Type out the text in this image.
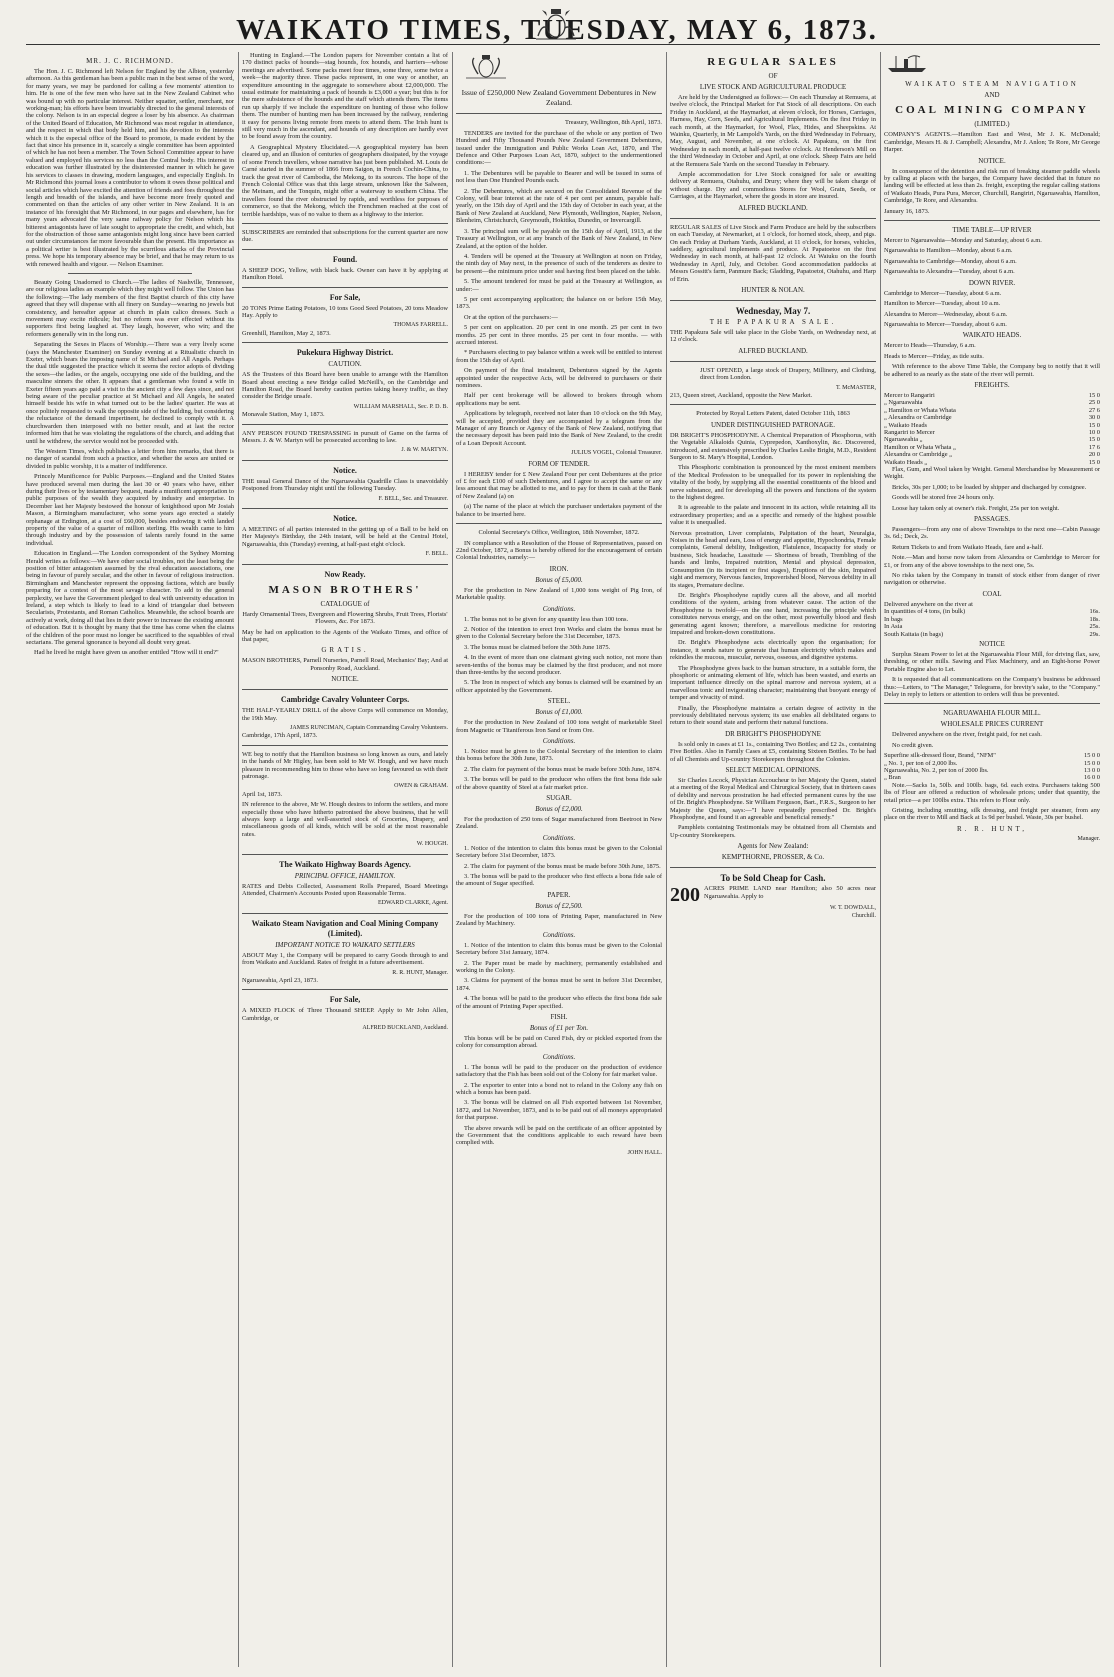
WAIKATO TIMES, TUESDAY, MAY 6, 1873.
MR. J. C. RICHMOND.

The Hon. J. C. Richmond left Nelson for England by the Albion, yesterday afternoon. As this gentleman has been a public man in the best sense of the word, for many years, we may be pardoned for calling a few moments' attention to him. He is one of the few men who have sat in the New Zealand Cabinet who was bound up with no particular interest. Neither squatter, settler, merchant, nor working-man; his efforts have been invariably directed to the general interests of the colony. Nelson is in an especial degree a loser by his absence. As chairman of the United Board of Education, Mr Richmond was most regular in attendance, and the respect in which that body held him, and his devotion to the interests which it is the especial office of the Board to promote, is made evident by the fact that since his presence in it, scarcely a single committee has been appointed of which he has not been a member. The Town School Committee appear to have valued and employed his services no less than the Central body. His interest in education was further illustrated by the disinterested manner in which he gave his services to classes in drawing, modern languages, and especially English. In Mr Richmond this journal loses a contributor to whom it owes those political and social articles which have excited the attention of friends and foes throughout the length and breadth of the islands, and have become more freely quoted and commented on than the articles of any other writer in New Zealand. It is an instance of his foresight that Mr Richmond, in our pages and elsewhere, has for many years advocated the very same railway policy for Nelson which his bitterest antagonists have of late sought to appropriate the credit, and which, but for the obstruction of those same antagonists might long since have been carried out under circumstances far more favourable than the present. His importance as a political writer is best illustrated by the scurrilous attacks of the Provincial press. We hope his temporary absence may be brief, and that he may return to us with renewed health and vigour. — Nelson Examiner.

Beauty Going Unadorned to Church.—The ladies of Nashville, Tennessee, are our religious ladies an example which they might well follow. The Union has the following:—The lady members of the first Baptist church of this city have agreed that they will dispense with all finery on Sunday—wearing no jewels but consistency, and hereafter appear at church in plain calico dresses. Such a movement may excite ridicule; but no reform was ever effected without its supporters first being laughed at. They laugh, however, who win; and the reformers generally win in the long run.

Separating the Sexes in Places of Worship.—There was a very lively scene (says the Manchester Examiner) on Sunday evening at a Ritualistic church in Exeter, which bears the imposing name of St Michael and All Angels. Perhaps the dual title suggested the practice which it seems the rector adopts of dividing the sexes—the ladies, or the angels, occupying one side of the building, and the masculine sinners the other. It appears that a gentleman who found a wife in Exeter fifteen years ago paid a visit to the ancient city a few days since, and not being aware of the peculiar practice at St Michael and All Angels, he seated himself beside his wife in what turned out to be the ladies' quarter. He was at once politely requested to walk the opposite side of the building, but considering the reluctance of the demand impertinent, he declined to comply with it. A churchwarden then interposed with no better result, and at last the rector informed him that he was violating the regulations of the church, and adding that until he withdrew, the service would not be proceeded with.

The Western Times, which publishes a letter from him remarks, that there is no danger of scandal from such a practice, and whether the sexes are united or divided in public worship, it is a matter of indifference.

Princely Munificence for Public Purposes.—England and the United States have produced several men during the last 30 or 40 years who have, either during their lives or by testamentary bequest, made a munificent appropriation to public purposes of the wealth they acquired by industry and enterprise. In December last her Majesty bestowed the honour of knighthood upon Mr Josiah Mason, a Birmingham manufacturer, who some years ago erected a stately orphanage at Erdington, at a cost of £60,000, besides endowing it with landed property of the value of a quarter of million sterling. His wealth came to him through industry and by the possession of talents rarely found in the same individual.

Education in England.—The London correspondent of the Sydney Morning Herald writes as follows:—We have other social troubles, not the least being the position of bitter antagonism assumed by the rival education associations, one being in favour of purely secular, and the other in favour of religious instruction. Birmingham and Manchester represent the opposing factions, which are busily preparing for a contest of the most savage character. To add to the general perplexity, we have the Government pledged to deal with university education in Ireland, a step which is likely to lead to a kind of triangular duel between Secularists, Protestants, and Roman Catholics. Meanwhile, the school boards are actively at work, doing all that lies in their power to increase the existing amount of education. But it is thought by many that the time has come when the claims of the children of the poor must no longer be sacrificed to the squabbles of rival sectarians. The general ignorance is beyond all doubt very great.

Had he lived he might have given us another entitled "How will it end?"

Hunting in England.—The London papers for November contain a list of 170 distinct packs of hounds—stag hounds, fox hounds, and harriers—whose meetings are advertised. Some packs meet four times, some three, some twice a week—the majority three. These packs represent, in one way or another, an expenditure amounting in the aggregate to somewhere about £2,000,000. The usual estimate for maintaining a pack of hounds is £3,000 a year; but this is for the mere subsistence of the hounds and the staff which attends them. The items run up sharply if we include the expenditure on hunting of those who follow them. The number of hunting men has been increased by the railway, rendering it easy for persons living remote from meets to attend them. The Irish hunt is still very much in the ascendant, and hounds of any description are hardly ever to be found away from the country.

A Geographical Mystery Elucidated.—A geographical mystery has been cleared up, and an illusion of centuries of geographers dissipated, by the voyage of some French travellers, whose narrative has just been published. M. Louis de Carné started in the summer of 1866 from Saigon, in French Cochin-China, to track the great river of Cambodia, the Mekong, to its sources. The hope of the French Colonial Office was that this large stream, unknown like the Salween, the Meinam, and the Tonquin, might offer a waterway to southern China. The travellers found the river obstructed by rapids, and worthless for purposes of commerce, so that the Mekong, which the Frenchmen reached at the cost of terrible hardships, was of no value to them as a highway to the interior.

SUBSCRIBERS are reminded that subscriptions for the current quarter are now due.

Found.

A SHEEP DOG, Yellow, with black back. Owner can have it by applying at Hamilton Hotel.

For Sale,

20 TONS Prime Eating Potatoes, 10 tons Good Seed Potatoes, 20 tons Meadow Hay. Apply to

THOMAS FARRELL.

Greenhill, Hamilton, May 2, 1873.

Pukekura Highway District.
CAUTION.

AS the Trustees of this Board have been unable to arrange with the Hamilton Board about erecting a new Bridge called McNeill's, on the Cambridge and Hamilton Road, the Board hereby caution parties taking heavy traffic, as they consider the Bridge unsafe.

WILLIAM MARSHALL, Sec. P. D. B.

Monavale Station, May 1, 1873.

ANY PERSON FOUND TRESPASSING in pursuit of Game on the farms of Messrs. J. & W. Martyn will be prosecuted according to law.

J. & W. MARTYN.
Notice.

THE usual General Dance of the Ngaruawahia Quadrille Class is unavoidably Postponed from Thursday night until the following Tuesday.

F. BELL, Sec. and Treasurer.
Notice.

A MEETING of all parties interested in the getting up of a Ball to be held on Her Majesty's Birthday, the 24th instant, will be held at the Central Hotel, Ngaruawahia, this (Tuesday) evening, at half-past eight o'clock.

F. BELL.
Now Ready.
MASON BROTHERS'
CATALOGUE of

Hardy Ornamental Trees, Evergreen and Flowering Shrubs, Fruit Trees, Florists' Flowers, &c. For 1873.

May be had on application to the Agents of the Waikato Times, and office of that paper,

GRATIS.

MASON BROTHERS, Parnell Nurseries, Parnell Road, Mechanics' Bay; And at Ponsonby Road, Auckland.

NOTICE.
Cambridge Cavalry Volunteer Corps.

THE HALF-YEARLY DRILL of the above Corps will commence on Monday, the 19th May.

JAMES RUNCIMAN, Captain Commanding Cavalry Volunteers.

Cambridge, 17th April, 1873.

WE beg to notify that the Hamilton business so long known as ours, and lately in the hands of Mr Higley, has been sold to Mr W. Hough, and we have much pleasure in recommending him to those who have so long favoured us with their patronage.

OWEN & GRAHAM.

April 1st, 1873.

IN reference to the above, Mr W. Hough desires to inform the settlers, and more especially those who have hitherto patronised the above business, that he will always keep a large and well-assorted stock of Groceries, Drapery, and miscellaneous goods of all kinds, which will be sold at the most reasonable rates.

W. HOUGH.
The Waikato Highway Boards Agency.
PRINCIPAL OFFICE, HAMILTON.

RATES and Debts Collected, Assessment Rolls Prepared, Board Meetings Attended, Chairmen's Accounts Posted upon Reasonable Terms.

EDWARD CLARKE, Agent.
Waikato Steam Navigation and Coal Mining Company (Limited).
IMPORTANT NOTICE TO WAIKATO SETTLERS

ABOUT May 1, the Company will be prepared to carry Goods through to and from Waikato and Auckland. Rates of freight in a future advertisement.

R. R. HUNT, Manager.

Ngaruawahia, April 23, 1873.

For Sale,

A MIXED FLOCK of Three Thousand SHEEP. Apply to Mr John Allen, Cambridge, or

ALFRED BUCKLAND, Auckland.
Issue of £250,000 New Zealand Government Debentures in New Zealand.

Treasury, Wellington, 8th April, 1873.

TENDERS are invited for the purchase of the whole or any portion of Two Hundred and Fifty Thousand Pounds New Zealand Government Debentures, issued under the Immigration and Public Works Loan Act, 1870, and The Defence and Other Purposes Loan Act, 1870, subject to the undermentioned conditions:—

1. The Debentures will be payable to Bearer and will be issued in sums of not less than One Hundred Pounds each.

2. The Debentures, which are secured on the Consolidated Revenue of the Colony, will bear interest at the rate of 4 per cent per annum, payable half-yearly, on the 15th day of April and the 15th day of October in each year, at the Bank of New Zealand at Auckland, New Plymouth, Wellington, Napier, Nelson, Blenheim, Christchurch, Greymouth, Hokitika, Dunedin, or Invercargill.

3. The principal sum will be payable on the 15th day of April, 1913, at the Treasury at Wellington, or at any branch of the Bank of New Zealand, in New Zealand, at the option of the holder.

4. Tenders will be opened at the Treasury at Wellington at noon on Friday, the ninth day of May next, in the presence of such of the tenderers as desire to be present—the minimum price under seal having first been placed on the table.

5. The amount tendered for must be paid at the Treasury at Wellington, as under:—

5 per cent accompanying application; the balance on or before 15th May, 1873.

Or at the option of the purchasers:—

5 per cent on application. 20 per cent in one month. 25 per cent in two months. 25 per cent in three months. 25 per cent in four months. — with accrued interest.

* Purchasers electing to pay balance within a week will be entitled to interest from the 15th day of April.

On payment of the final instalment, Debentures signed by the Agents appointed under the respective Acts, will be delivered to purchasers or their nominees.

Half per cent brokerage will be allowed to brokers through whom applications may be sent.

Applications by telegraph, received not later than 10 o'clock on the 9th May, will be accepted, provided they are accompanied by a telegram from the Manager of any Branch or Agency of the Bank of New Zealand, notifying that the necessary deposit has been paid into the Bank of New Zealand, to the credit of a Loan Deposit Account.

JULIUS VOGEL, Colonial Treasurer.
FORM OF TENDER.

I HEREBY tender for £ New Zealand Four per cent Debentures at the price of £ for each £100 of such Debentures, and I agree to accept the same or any less amount that may be allotted to me, and to pay for them in cash at the Bank of New Zealand (a) on

(a) The name of the place at which the purchaser undertakes payment of the balance to be inserted here.

Colonial Secretary's Office, Wellington, 18th November, 1872.

IN compliance with a Resolution of the House of Representatives, passed on 22nd October, 1872, a Bonus is hereby offered for the encouragement of certain Colonial Industries, namely:—

IRON.
Bonus of £5,000.

For the production in New Zealand of 1,000 tons weight of Pig Iron, of Marketable quality.

Conditions.

1. The bonus not to be given for any quantity less than 100 tons.

2. Notice of the intention to erect Iron Works and claim the bonus must be given to the Colonial Secretary before the 31st December, 1873.

3. The bonus must be claimed before the 30th June 1875.

4. In the event of more than one claimant giving such notice, not more than seven-tenths of the bonus may be claimed by the first producer, and not more than three-tenths by the second producer.

5. The Iron in respect of which any bonus is claimed will be examined by an officer appointed by the Government.

STEEL.
Bonus of £1,000.

For the production in New Zealand of 100 tons weight of marketable Steel from Magnetic or Titaniferous Iron Sand or from Ore.

Conditions.

1. Notice must be given to the Colonial Secretary of the intention to claim this bonus before the 30th June, 1873.

2. The claim for payment of the bonus must be made before 30th June, 1874.

3. The bonus will be paid to the producer who offers the first bona fide sale of the above quantity of Steel at a fair market price.

SUGAR.
Bonus of £2,000.

For the production of 250 tons of Sugar manufactured from Beetroot in New Zealand.

Conditions.

1. Notice of the intention to claim this bonus must be given to the Colonial Secretary before 31st December, 1873.

2. The claim for payment of the bonus must be made before 30th June, 1875.

3. The bonus will be paid to the producer who first effects a bona fide sale of the amount of Sugar specified.

PAPER.
Bonus of £2,500.

For the production of 100 tons of Printing Paper, manufactured in New Zealand by Machinery.

Conditions.

1. Notice of the intention to claim this bonus must be given to the Colonial Secretary before 31st January, 1874.

2. The Paper must be made by machinery, permanently established and working in the Colony.

3. Claims for payment of the bonus must be sent in before 31st December, 1874.

4. The bonus will be paid to the producer who effects the first bona fide sale of the amount of Printing Paper specified.

FISH.
Bonus of £1 per Ton.

This bonus will be be paid on Cured Fish, dry or pickled exported from the colony for consumption abroad.

Conditions.

1. The bonus will be paid to the producer on the production of evidence satisfactory that the Fish has been sold out of the Colony for fair market value.

2. The exporter to enter into a bond not to reland in the Colony any fish on which a bonus has been paid.

3. The bonus will be claimed on all Fish exported between 1st November, 1872, and 1st November, 1873, and is to be paid out of all moneys appropriated for that purpose.

The above rewards will be paid on the certificate of an officer appointed by the Government that the conditions applicable to each reward have been complied with.

JOHN HALL.
REGULAR SALES
OF
LIVE STOCK AND AGRICULTURAL PRODUCE

Are held by the Undersigned as follows:— On each Thursday at Remuera, at twelve o'clock, the Principal Market for Fat Stock of all descriptions. On each Friday in Auckland, at the Haymarket, at eleven o'clock, for Horses, Carriages, Harness, Hay, Corn, Seeds, and Agricultural Implements. On the first Friday in each month, at the Haymarket, for Wool, Flax, Hides, and Sheepskins. At Wainku, Quarterly, in Mr Lampold's Yards, on the third Wednesday in February, May, August, and November, at one o'clock. At Papakura, on the first Wednesday in each month, at half-past twelve o'clock. At Henderson's Mill on the third Wednesday in October and April, at one o'clock. Sheep Fairs are held at the Remuera Sale Yards on the second Tuesday in February.

Ample accommodation for Live Stock consigned for sale or awaiting delivery at Remuera, Otahuhu, and Drury; where they will be taken charge of without charge. Dry and commodious Stores for Wool, Grain, Seeds, or Carriages, at the Haymarket, where the goods in store are insured.

ALFRED BUCKLAND.

REGULAR SALES of Live Stock and Farm Produce are held by the subscribers on each Tuesday, at Newmarket, at 1 o'clock, for horned stock, sheep, and pigs. On each Friday at Durham Yards, Auckland, at 11 o'clock, for horses, vehicles, saddlery, agricultural implements and produce. At Papatoetoe on the first Wednesday in each month, at half-past 12 o'clock. At Waiuku on the fourth Wednesday in April, July, and October. Good accommodation paddocks at Messrs Gossitt's farm, Panmure Back; Gladding, Papatoetoi, Otahuhu, and Harp of Erin.

HUNTER & NOLAN.
Wednesday, May 7.
THE PAPAKURA SALE.

THE Papakura Sale will take place in the Globe Yards, on Wednesday next, at 12 o'clock.

ALFRED BUCKLAND.

JUST OPENED, a large stock of Drapery, Millinery, and Clothing, direct from London.

T. McMASTER,

213, Queen street, Auckland, opposite the New Market.

Protected by Royal Letters Patent, dated October 11th, 1863

UNDER DISTINGUISHED PATRONAGE.

DR BRIGHT'S PHOSPHODYNE. A Chemical Preparation of Phosphorus, with the Vegetable Alkaloids Quinia, Cyprepedon, Xanthoxylin, &c. Discovered, introduced, and extensively prescribed by Charles Leslie Bright, M.D., Resident Surgeon to St. Mary's Hospital, London.

This Phosphoric combination is pronounced by the most eminent members of the Medical Profession to be unequalled for its power in replenishing the vitality of the body, by supplying all the essential constituents of the blood and nerve substance, and for developing all the powers and functions of the system to the highest degree.

It is agreeable to the palate and innocent in its action, while retaining all its extraordinary properties; and as a specific and remedy of the highest possible value it is unequalled.

Nervous prostration, Liver complaints, Palpitation of the heart, Neuralgia, Noises in the head and ears, Loss of energy and appetite, Hypochondria, Female complaints, General debility, Indigestion, Flatulence, Incapacity for study or business, Sick headache, Lassitude — Shortness of breath, Trembling of the hands and limbs, Impaired nutrition, Mental and physical depression, Consumption (in its incipient or first stages), Eruptions of the skin, Impaired sight and memory, Nervous fancies, Impoverished blood, Nervous debility in all its stages, Premature decline.

Dr. Bright's Phosphodyne rapidly cures all the above, and all morbid conditions of the system, arising from whatever cause. The action of the Phosphodyne is twofold—on the one hand, increasing the principle which constitutes nervous energy, and on the other, most powerfully blood and flesh generating agent known; therefore, a marvellous medicine for restoring impaired and broken-down constitutions.

Dr. Bright's Phosphodyne acts electrically upon the organisation; for instance, it sends nature to generate that human electricity which makes and rekindles the mucous, muscular, nervous, osseous, and digestive systems.

The Phosphodyne gives back to the human structure, in a suitable form, the phosphoric or animating element of life, which has been wasted, and exerts an important influence directly on the spinal marrow and nervous system, at a marvellous tonic and invigorating character; maintaining that buoyant energy of temper and vivacity of mind.

Finally, the Phosphodyne maintains a certain degree of activity in the previously debilitated nervous system; its use enables all debilitated organs to return to their sound state and perform their natural functions.

DR BRIGHT'S PHOSPHODYNE

Is sold only in cases at £1 1s., containing Two Bottles; and £2 2s., containing Five Bottles. Also in Family Cases at £5, containing Sixteen Bottles. To be had of all Chemists and Up-country Storekeepers throughout the Colonies.

SELECT MEDICAL OPINIONS.

Sir Charles Locock, Physician Accoucheur to her Majesty the Queen, stated at a meeting of the Royal Medical and Chirurgical Society, that in thirteen cases of debility and nervous prostration he had effected permanent cures by the use of Dr. Bright's Phosphodyne. Sir William Ferguson, Bart., F.R.S., Surgeon to her Majesty the Queen, says:—"I have repeatedly prescribed Dr. Bright's Phosphodyne, and found it an agreeable and beneficial remedy."

Pamphlets containing Testimonials may be obtained from all Chemists and Up-country Storekeepers.

Agents for New Zealand:
KEMPTHORNE, PROSSER, & Co.
To be Sold Cheap for Cash.
200 ACRES PRIME LAND near Hamilton; also 50 acres near Ngaruawahia. Apply to
W. T. DOWDALL,
Churchill.
WAIKATO STEAM NAVIGATION
AND
COAL MINING COMPANY
(LIMITED.)

COMPANY'S AGENTS.—Hamilton East and West, Mr J. K. McDonald; Cambridge, Messrs H. & J. Campbell; Alexandra, Mr J. Anlon; Te Rore, Mr George Harper.

NOTICE.

In consequence of the detention and risk run of breaking steamer paddle wheels by calling at places with the barges, the Company have decided that in future no landing will be effected at less than 2s. freight, excepting the regular calling stations of Waikato Heads, Pura Pura, Mercer, Churchill, Rangiriri, Ngaruawahia, Hamilton, Cambridge, Te Rore, and Alexandra.

January 16, 1873.

TIME TABLE—UP RIVER

Mercer to Ngaruawahia—Monday and Saturday, about 6 a.m.

Ngaruawahia to Hamilton—Monday, about 6 a.m.

Ngaruawahia to Cambridge—Monday, about 6 a.m.

Ngaruawahia to Alexandra—Tuesday, about 6 a.m.

DOWN RIVER.

Cambridge to Mercer—Tuesday, about 6 a.m.

Hamilton to Mercer—Tuesday, about 10 a.m.

Alexandra to Mercer—Wednesday, about 6 a.m.

Ngaruawahia to Mercer—Tuesday, about 6 a.m.

WAIKATO HEADS.

Mercer to Heads—Thursday, 6 a.m.

Heads to Mercer—Friday, as tide suits.

With reference to the above Time Table, the Company beg to notify that it will be adhered to as nearly as the state of the river will permit.

FREIGHTS.
Mercer to Rangariri	15 0
„ Ngaruawahia	25 0
„ Hamilton or Whata Whata	27 6
„ Alexandra or Cambridge	30 0
„ Waikato Heads	15 0
Rangariri to Mercer	10 0
Ngaruawahia „	15 0
Hamilton or Whata Whata „	17 6
Alexandra or Cambridge „	20 0
Waikato Heads „	15 0

Flax, Gum, and Wool taken by Weight. General Merchandise by Measurement or Weight.

Bricks, 30s per 1,000; to be loaded by shipper and discharged by consignee.

Goods will be stored free 24 hours only.

Loose hay taken only at owner's risk. Freight, 25s per ton weight.

PASSAGES.

Passengers—from any one of above Townships to the next one—Cabin Passage 3s. 6d.; Deck, 2s.

Return Tickets to and from Waikato Heads, fare and a-half.

Note.—Man and horse now taken from Alexandra or Cambridge to Mercer for £1, or from any of the above townships to the next one, 5s.

No risks taken by the Company in transit of stock either from danger of river navigation or otherwise.

COAL
Delivered anywhere on the river at
In quantities of 4 tons, (in bulk)	16s.
In bags	18s.
In Asia	25s.
South Kaitaia (in bags)	29s.
NOTICE

Surplus Steam Power to let at the Ngaruawahia Flour Mill, for driving flax, saw, threshing, or other mills. Sawing and Flax Machinery, and an Eight-horse Power Portable Engine also to Let.

It is requested that all communications on the Company's business be addressed thus:—Letters, to "The Manager," Telegrams, for brevity's sake, to the "Company." Delay in reply to letters or attention to orders will thus be prevented.

NGARUAWAHIA FLOUR MILL.
WHOLESALE PRICES CURRENT

Delivered anywhere on the river, freight paid, for net cash.

No credit given.

Superfine silk-dressed flour, Brand, "NFM"	15 0 0
„ No. 1, per ton of 2,000 lbs.	15 0 0
Ngaruawahia, No. 2, per ton of 2000 lbs.	13 0 0
„ Bran	16 0 0

Note.—Sacks 1s, 50lb. and 100lb. bags, 6d. each extra. Purchasers taking 500 lbs of Flour are offered a reduction of wholesale prices; under that quantity, the retail price—a per 100lbs extra. This refers to Flour only.

Gristing, including smutting, silk dressing, and freight per steamer, from any place on the river to Mill and Back at 1s 9d per bushel. Waste, 30s per bushel.

R. R. HUNT,
Manager.
